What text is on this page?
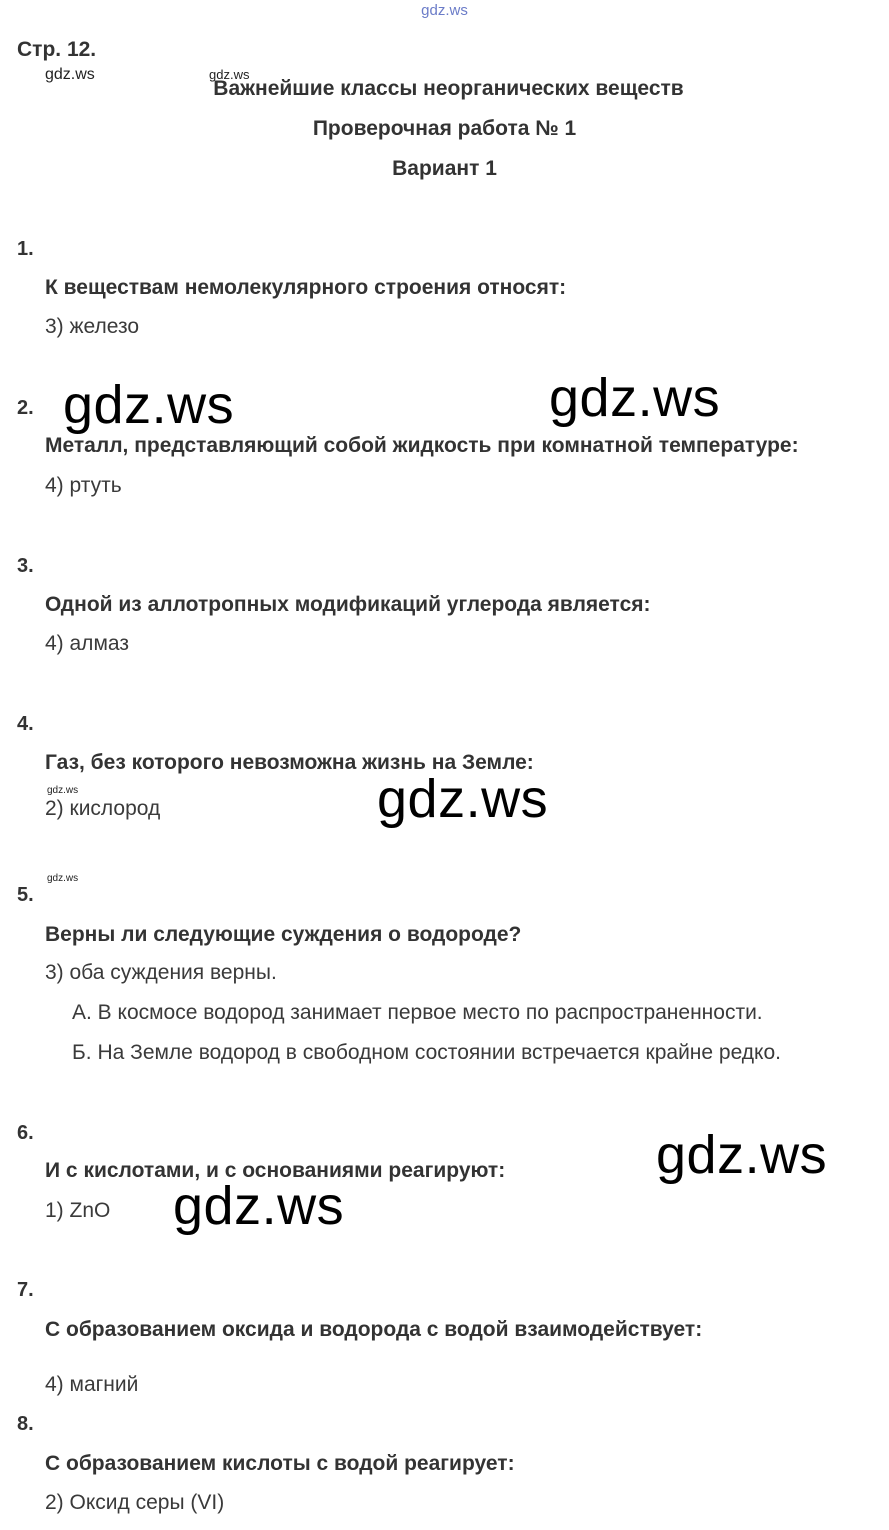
gdz.ws
Стр. 12.
gdz.ws	gdz.ws
Важнейшие классы неорганических веществ
Проверочная работа № 1
Вариант 1
1.
К веществам немолекулярного строения относят:
3) железо
2.
Металл, представляющий собой жидкость при комнатной температуре:
4) ртуть
3.
Одной из аллотропных модификаций углерода является:
4) алмаз
4.
Газ, без которого невозможна жизнь на Земле:
gdz.ws
2) кислород
gdz.ws
5.
Верны ли следующие суждения о водороде?
3) оба суждения верны.
А. В космосе водород занимает первое место по распространенности.
Б. На Земле водород в свободном состоянии встречается крайне редко.
6.
И с кислотами, и с основаниями реагируют:
1) ZnO
7.
С образованием оксида и водорода с водой взаимодействует:
4) магний
8.
С образованием кислоты с водой реагирует:
2) Оксид серы (VI)
gdz.ws	gdz.ws
gdz.ws
gdz.ws
gdz.ws
